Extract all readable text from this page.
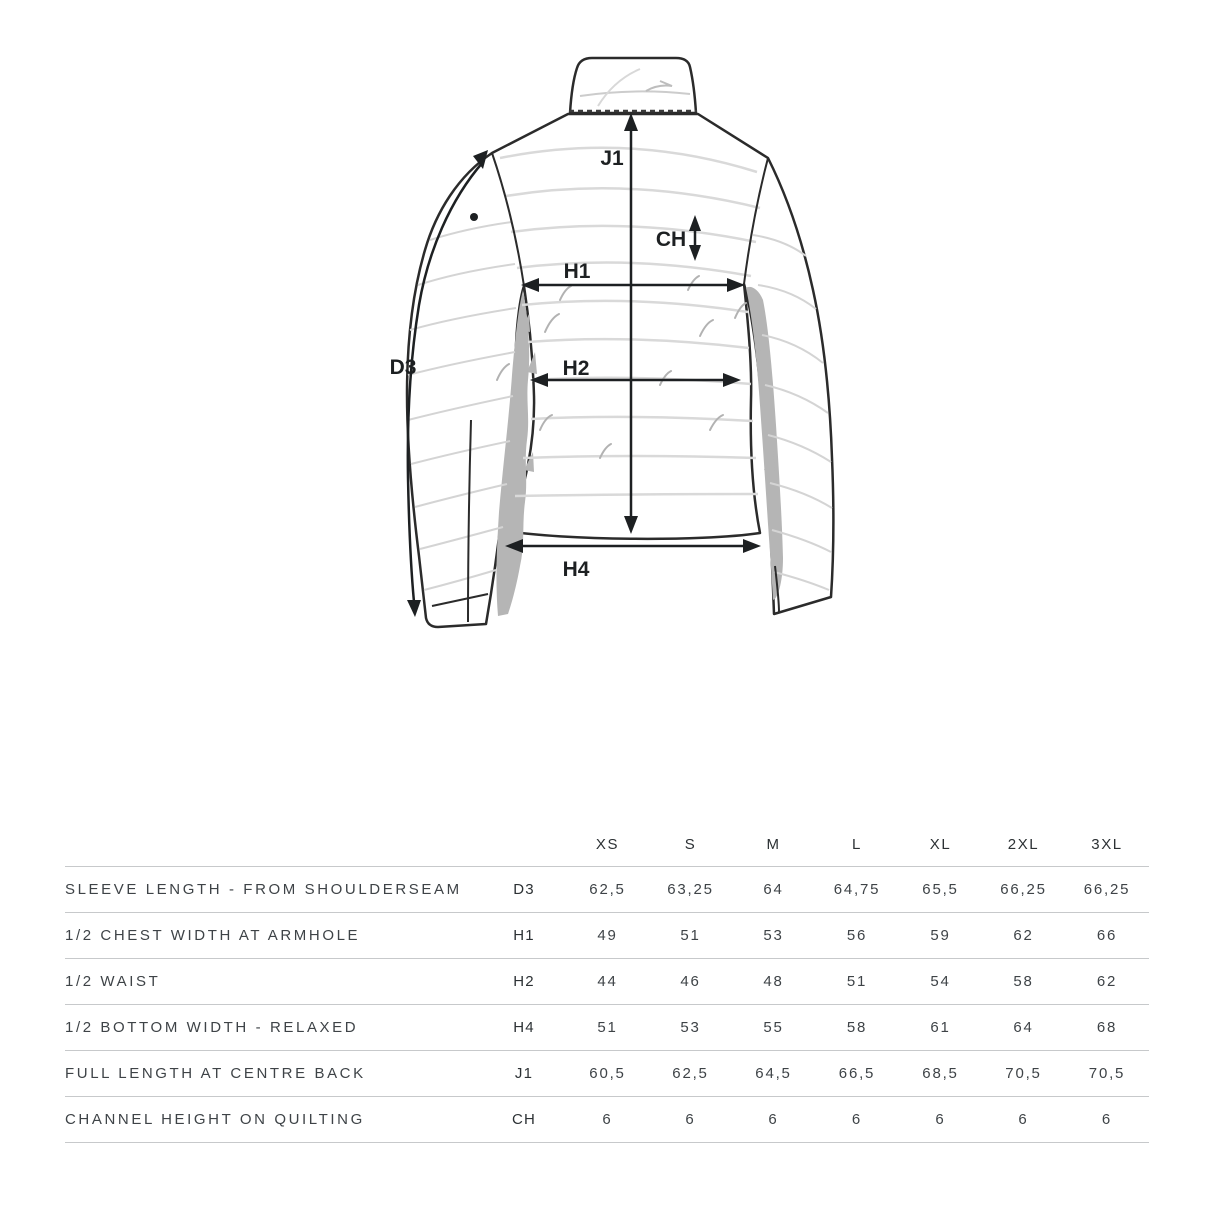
J1
CH
H1
H2
D3
H4
		XS	S	M	L	XL	2XL	3XL
SLEEVE LENGTH - FROM SHOULDERSEAM	D3	62,5	63,25	64	64,75	65,5	66,25	66,25
1/2 CHEST WIDTH AT ARMHOLE	H1	49	51	53	56	59	62	66
1/2 WAIST	H2	44	46	48	51	54	58	62
1/2 BOTTOM WIDTH - RELAXED	H4	51	53	55	58	61	64	68
FULL LENGTH AT CENTRE BACK	J1	60,5	62,5	64,5	66,5	68,5	70,5	70,5
CHANNEL HEIGHT ON QUILTING	CH	6	6	6	6	6	6	6
